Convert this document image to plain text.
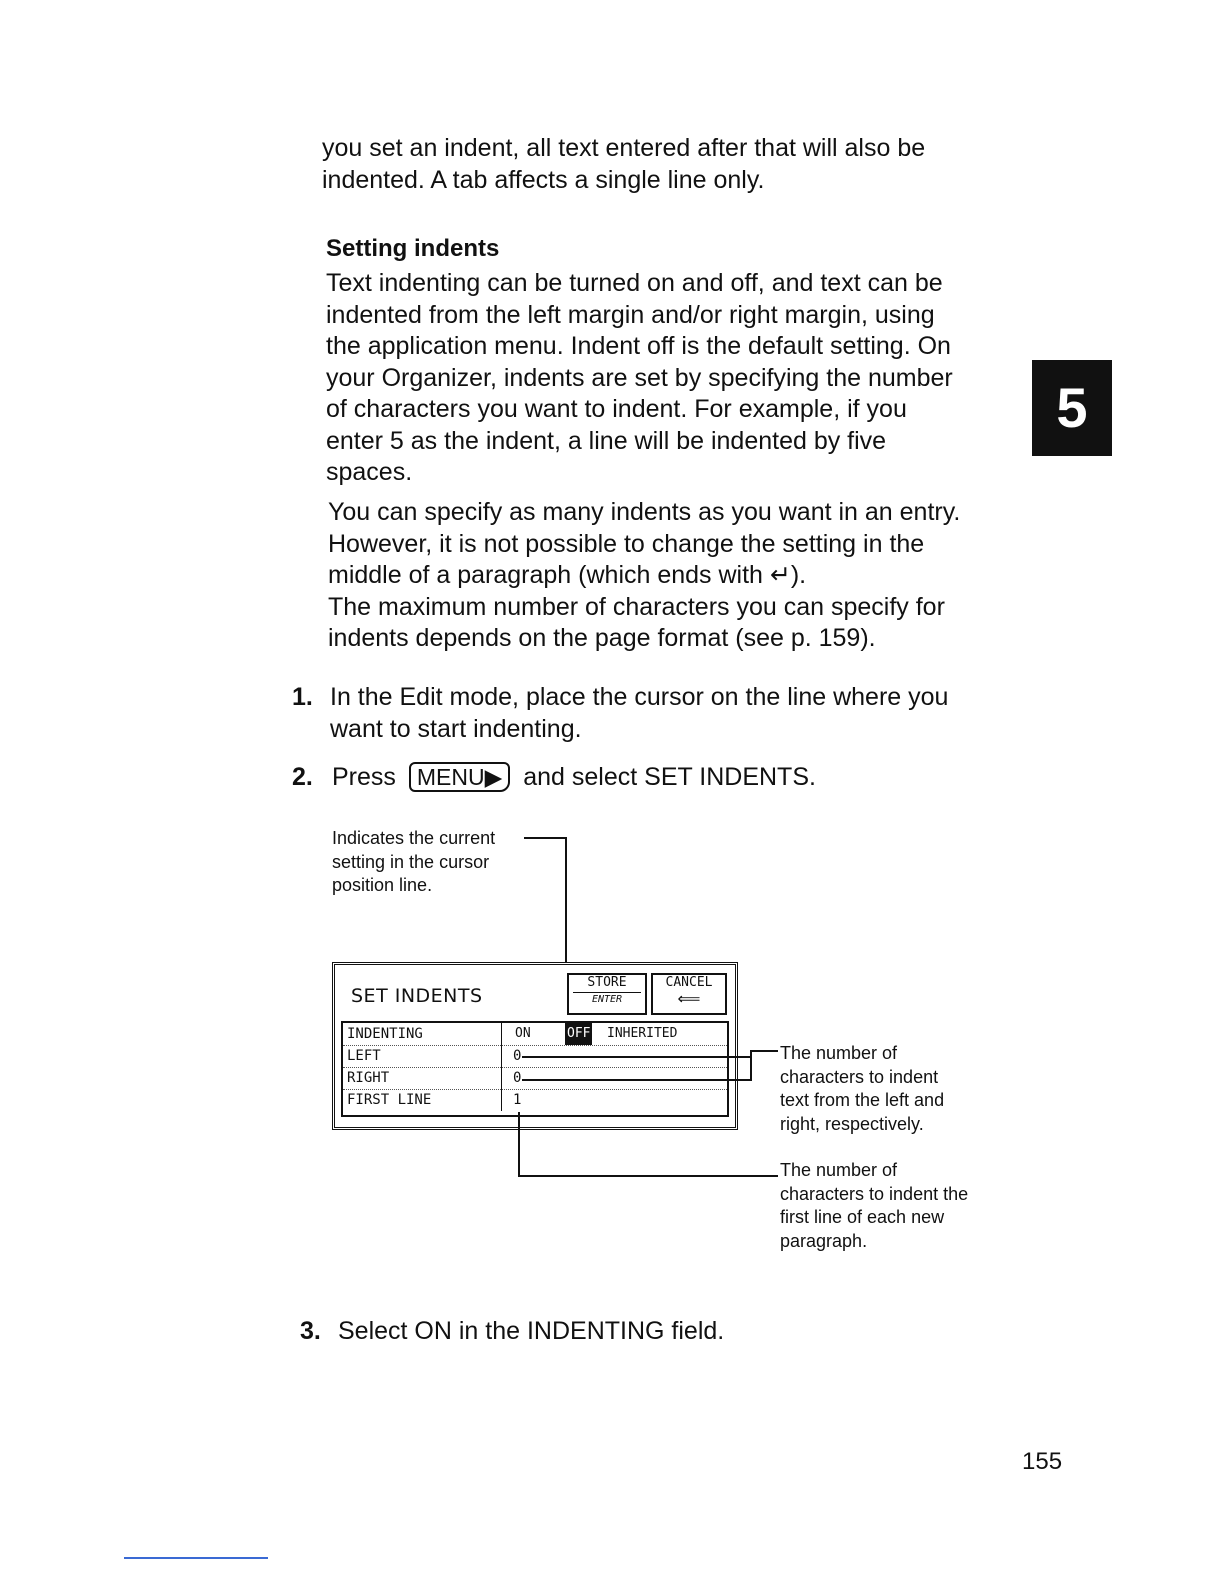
you set an indent, all text entered after that will also be

indented. A tab affects a single line only.

Setting indents

Text indenting can be turned on and off, and text can be

indented from the left margin and/or right margin, using

the application menu. Indent off is the default setting. On

your Organizer, indents are set by specifying the number

of characters you want to indent. For example, if you

enter 5 as the indent, a line will be indented by five

spaces.

You can specify as many indents as you want in an entry.

However, it is not possible to change the setting in the

middle of a paragraph (which ends with ↵).

The maximum number of characters you can specify for

indents depends on the page format (see p. 159).

5
1. In the Edit mode, place the cursor on the line where you
want to start indenting.
2. Press MENU▶ and select SET INDENTS.
Indicates the current
setting in the cursor
position line.
SET INDENTS
STORE
ENTER
CANCEL
⟸
INDENTING	ON	OFF INHERITED
LEFT	0
RIGHT	0
FIRST LINE	1
The number of
characters to indent
text from the left and
right, respectively.
The number of
characters to indent the
first line of each new
paragraph.
3. Select ON in the INDENTING field.
155
